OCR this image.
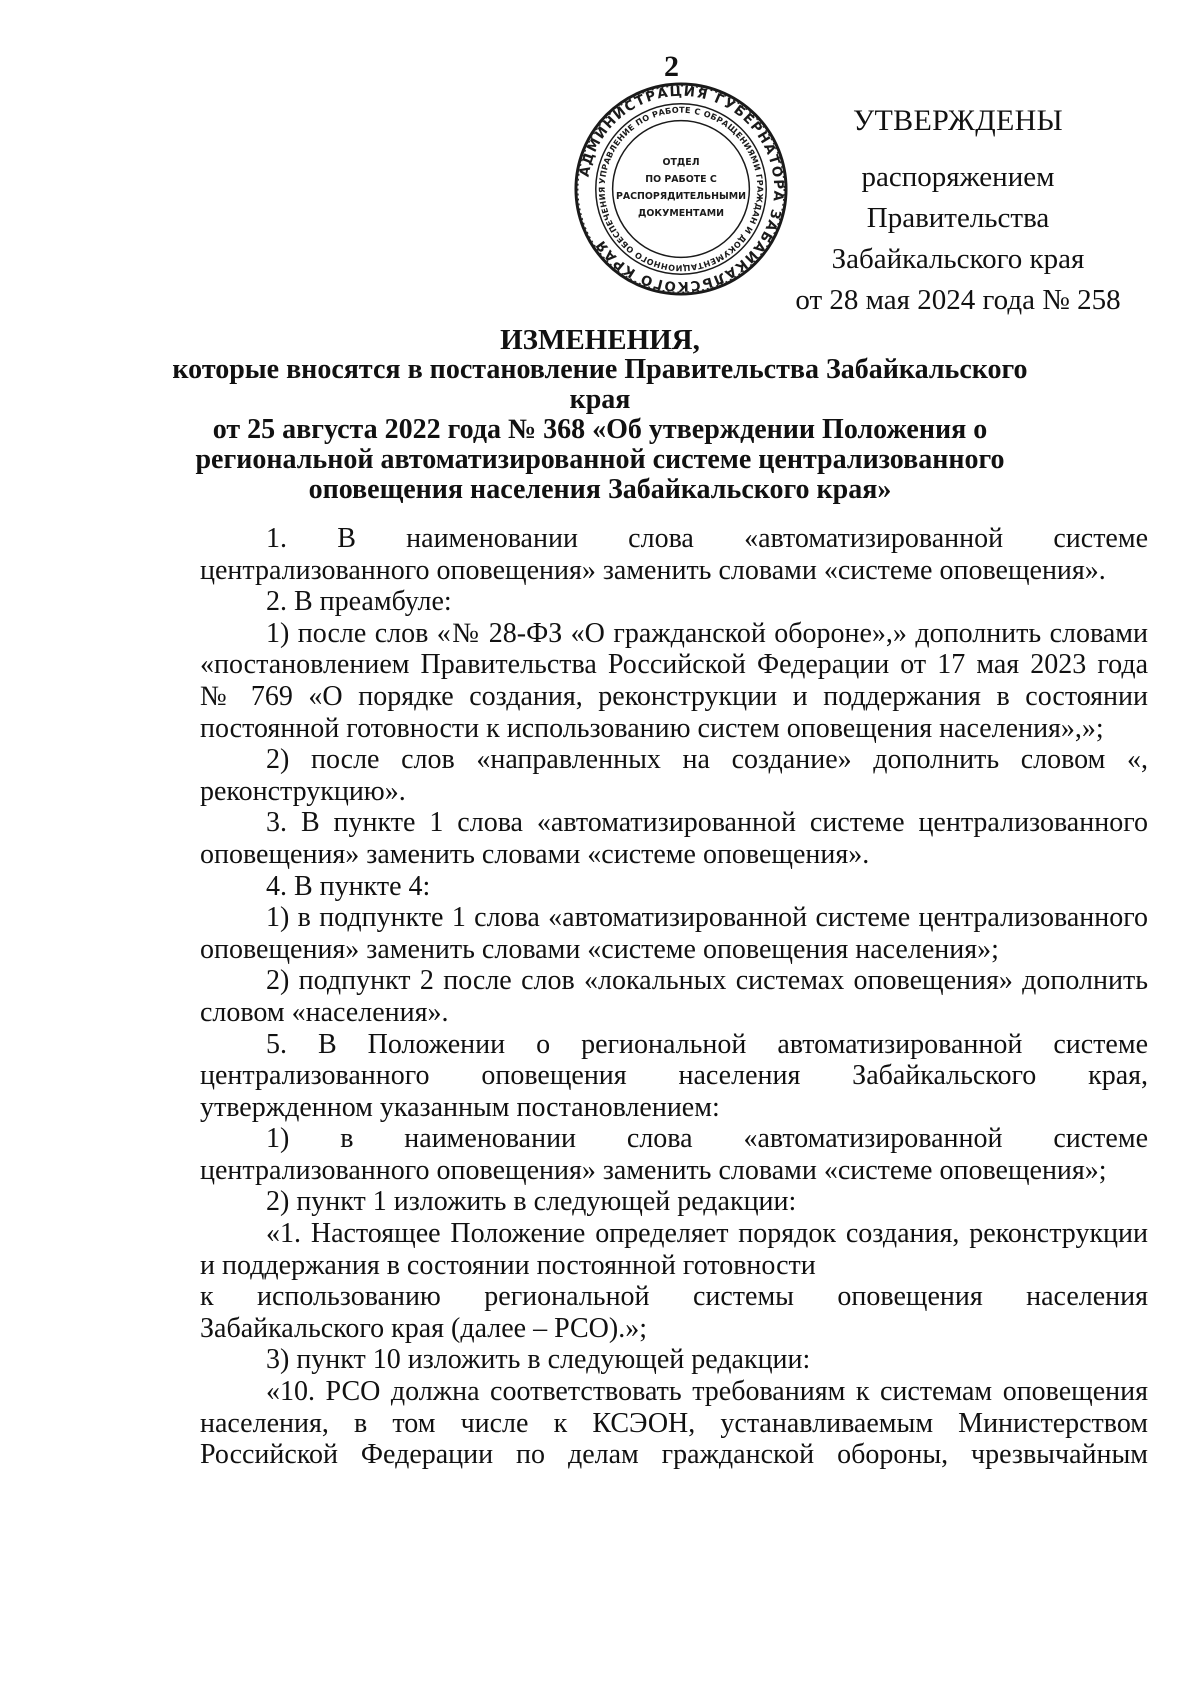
2
АДМИНИСТРАЦИЯ ГУБЕРНАТОРА ЗАБАЙКАЛЬСКОГО КРАЯ
УПРАВЛЕНИЕ ПО РАБОТЕ С ОБРАЩЕНИЯМИ ГРАЖДАН И ДОКУМЕНТАЦИОННОГО ОБЕСПЕЧЕНИЯ
ОТДЕЛ
ПО РАБОТЕ С
РАСПОРЯДИТЕЛЬНЫМИ
ДОКУМЕНТАМИ
УТВЕРЖДЕНЫ
распоряжением Правительства
Забайкальского края
от 28 мая 2024 года № 258
ИЗМЕНЕНИЯ,
которые вносятся в постановление Правительства Забайкальского края
от 25 августа 2022 года № 368 «Об утверждении Положения о
региональной автоматизированной системе централизованного
оповещения населения Забайкальского края»

1. В наименовании слова «автоматизированной системе централизованного оповещения» заменить словами «системе оповещения».

2. В преамбуле:

1) после слов «№ 28-ФЗ «О гражданской обороне»,» дополнить словами «постановлением Правительства Российской Федерации от 17 мая 2023 года № 769 «О порядке создания, реконструкции и поддержания в состоянии постоянной готовности к использованию систем оповещения населения»,»;

2) после слов «направленных на создание» дополнить словом «, реконструкцию».

3. В пункте 1 слова «автоматизированной системе централизованного оповещения» заменить словами «системе оповещения».

4. В пункте 4:

1) в подпункте 1 слова «автоматизированной системе централизованного оповещения» заменить словами «системе оповещения населения»;

2) подпункт 2 после слов «локальных системах оповещения» дополнить словом «населения».

5. В Положении о региональной автоматизированной системе централизованного оповещения населения Забайкальского края, утвержденном указанным постановлением:

1) в наименовании слова «автоматизированной системе централизованного оповещения» заменить словами «системе оповещения»;

2) пункт 1 изложить в следующей редакции:

«1. Настоящее Положение определяет порядок создания, реконструкции и поддержания в состоянии постоянной готовности

к использованию региональной системы оповещения населения Забайкальского края (далее – РСО).»;

3) пункт 10 изложить в следующей редакции:

«10. РСО должна соответствовать требованиям к системам оповещения населения, в том числе к КСЭОН, устанавливаемым Министерством Российской Федерации по делам гражданской обороны, чрезвычайным
